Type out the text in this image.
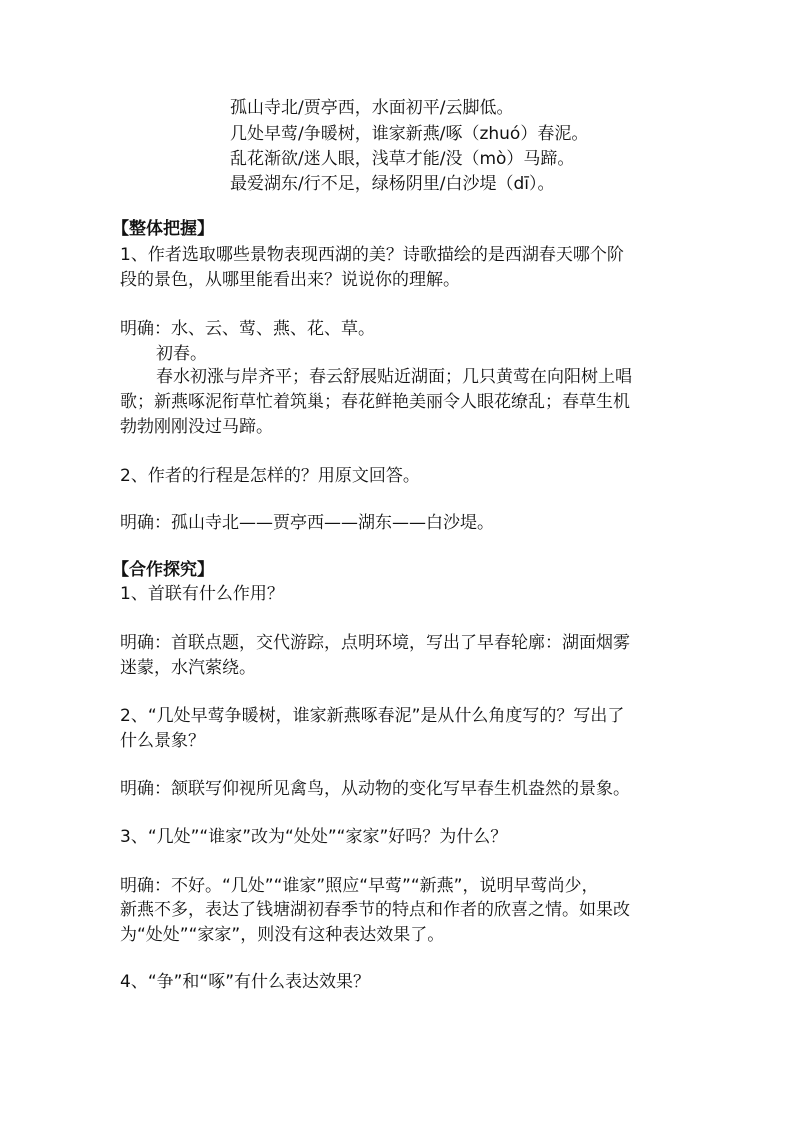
孤山寺北/贾亭西，水面初平/云脚低。
几处早莺/争暖树，谁家新燕/啄（zhuó）春泥。
乱花渐欲/迷人眼，浅草才能/没（mò）马蹄。
最爱湖东/行不足，绿杨阴里/白沙堤（dī）。
【整体把握】
1、作者选取哪些景物表现西湖的美？诗歌描绘的是西湖春天哪个阶
段的景色，从哪里能看出来？说说你的理解。
明确：水、云、莺、燕、花、草。
初春。
春水初涨与岸齐平；春云舒展贴近湖面；几只黄莺在向阳树上唱
歌；新燕啄泥衔草忙着筑巢；春花鲜艳美丽令人眼花缭乱；春草生机
勃勃刚刚没过马蹄。
2、作者的行程是怎样的？用原文回答。
明确：孤山寺北——贾亭西——湖东——白沙堤。
【合作探究】
1、首联有什么作用？
明确：首联点题，交代游踪，点明环境，写出了早春轮廓：湖面烟雾
迷蒙，水汽萦绕。
2、“几处早莺争暖树，谁家新燕啄春泥”是从什么角度写的？写出了
什么景象？
明确：颔联写仰视所见禽鸟，从动物的变化写早春生机盎然的景象。
3、“几处”“谁家”改为“处处”“家家”好吗？为什么？
明确：不好。“几处”“谁家”照应“早莺”“新燕”，说明早莺尚少，
新燕不多，表达了钱塘湖初春季节的特点和作者的欣喜之情。如果改
为“处处”“家家”，则没有这种表达效果了。
4、“争”和“啄”有什么表达效果？
